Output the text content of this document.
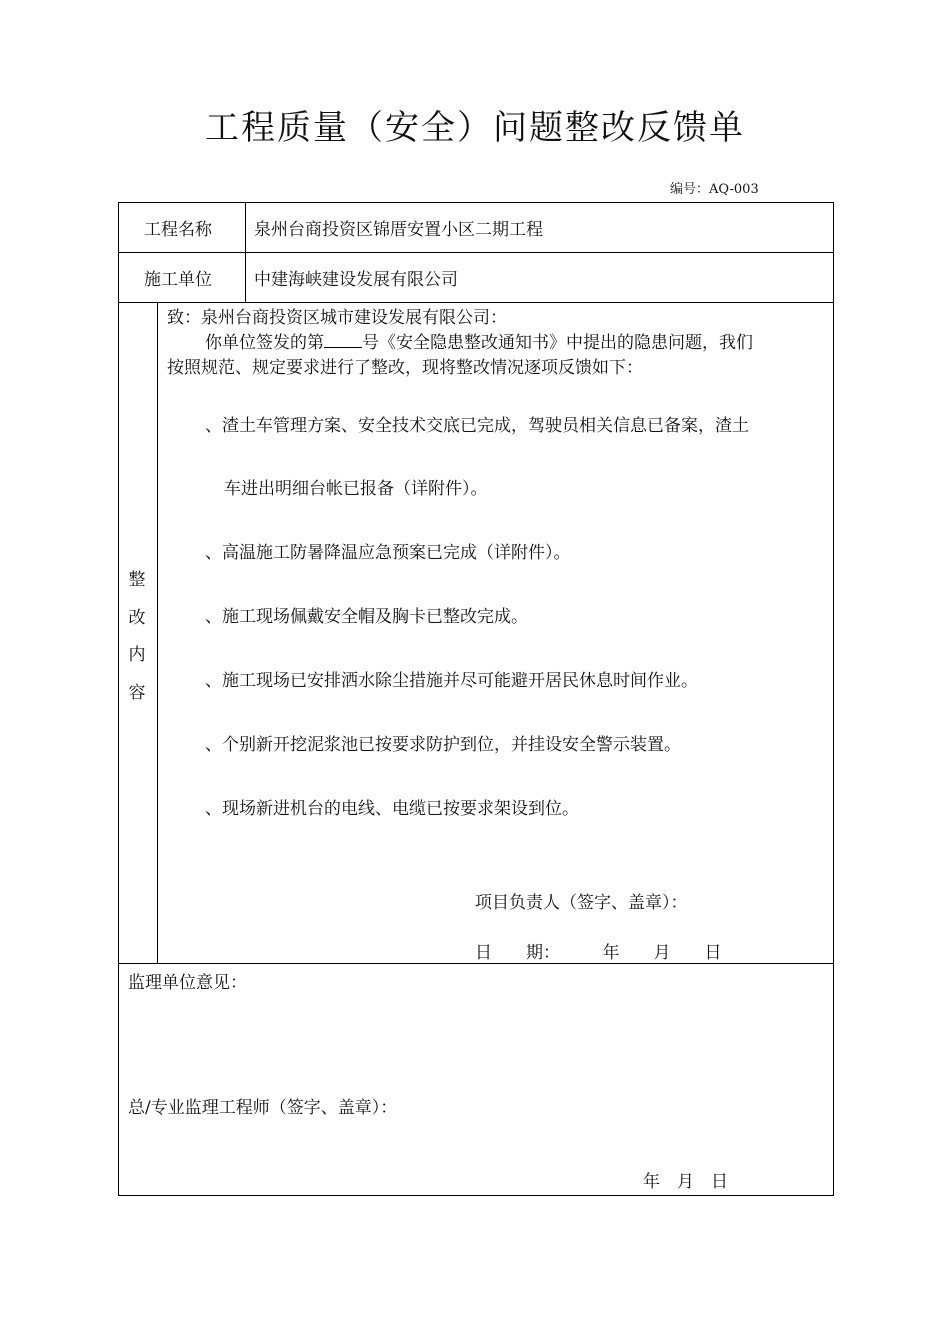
工程质量（安全）问题整改反馈单
编号：AQ-003
工程名称 泉州台商投资区锦厝安置小区二期工程
施工单位 中建海峡建设发展有限公司
整
改
内
容
致：泉州台商投资区城市建设发展有限公司：
你单位签发的第 号《安全隐患整改通知书》中提出的隐患问题，我们
按照规范、规定要求进行了整改，现将整改情况逐项反馈如下：
、渣土车管理方案、安全技术交底已完成，驾驶员相关信息已备案，渣土
车进出明细台帐已报备（详附件）。
、高温施工防暑降温应急预案已完成（详附件）。
、施工现场佩戴安全帽及胸卡已整改完成。
、施工现场已安排洒水除尘措施并尽可能避开居民休息时间作业。
、个别新开挖泥浆池已按要求防护到位，并挂设安全警示装置。
、现场新进机台的电线、电缆已按要求架设到位。
项目负责人（签字、盖章）：
日　　期：　　　年　　月　　日
监理单位意见：
总/专业监理工程师（签字、盖章）：
年　月　日
